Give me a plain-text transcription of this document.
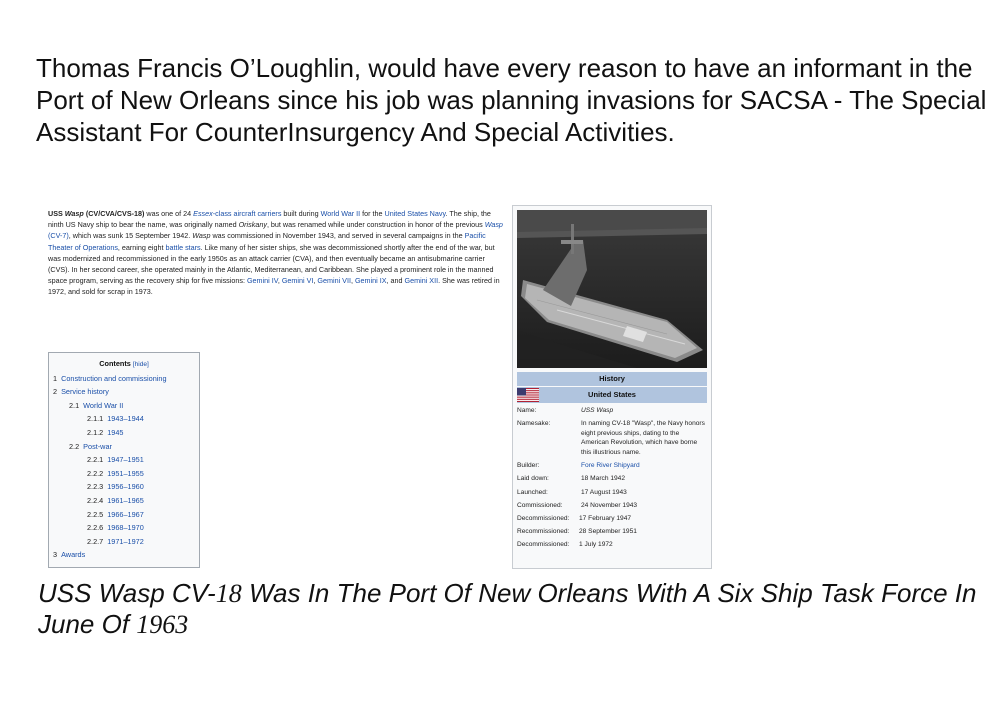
Thomas Francis O’Loughlin, would have every reason to have an informant in the Port of New Orleans since his job was planning invasions for SACSA - The Special Assistant For CounterInsurgency And Special Activities.
USS Wasp (CV/CVA/CVS-18) was one of 24 Essex-class aircraft carriers built during World War II for the United States Navy. The ship, the ninth US Navy ship to bear the name, was originally named Oriskany, but was renamed while under construction in honor of the previous Wasp (CV-7), which was sunk 15 September 1942. Wasp was commissioned in November 1943, and served in several campaigns in the Pacific Theater of Operations, earning eight battle stars. Like many of her sister ships, she was decommissioned shortly after the end of the war, but was modernized and recommissioned in the early 1950s as an attack carrier (CVA), and then eventually became an antisubmarine carrier (CVS). In her second career, she operated mainly in the Atlantic, Mediterranean, and Caribbean. She played a prominent role in the manned space program, serving as the recovery ship for five missions: Gemini IV, Gemini VI, Gemini VII, Gemini IX, and Gemini XII. She was retired in 1972, and sold for scrap in 1973.
Contents [hide]
1 Construction and commissioning
2 Service history
2.1 World War II
2.1.1 1943–1944
2.1.2 1945
2.2 Post-war
2.2.1 1947–1951
2.2.2 1951–1955
2.2.3 1956–1960
2.2.4 1961–1965
2.2.5 1966–1967
2.2.6 1968–1970
2.2.7 1971–1972
3 Awards
History
United States
Name:	USS Wasp
Namesake:	In naming CV-18 "Wasp", the Navy honors eight previous ships, dating to the American Revolution, which have borne this illustrious name.
Builder:	Fore River Shipyard
Laid down:	18 March 1942
Launched:	17 August 1943
Commissioned:	24 November 1943
Decommissioned: 17 February 1947
Recommissioned: 28 September 1951
Decommissioned: 1 July 1972
USS Wasp CV-18 Was In The Port Of New Orleans With A Six Ship Task Force In June Of 1963
